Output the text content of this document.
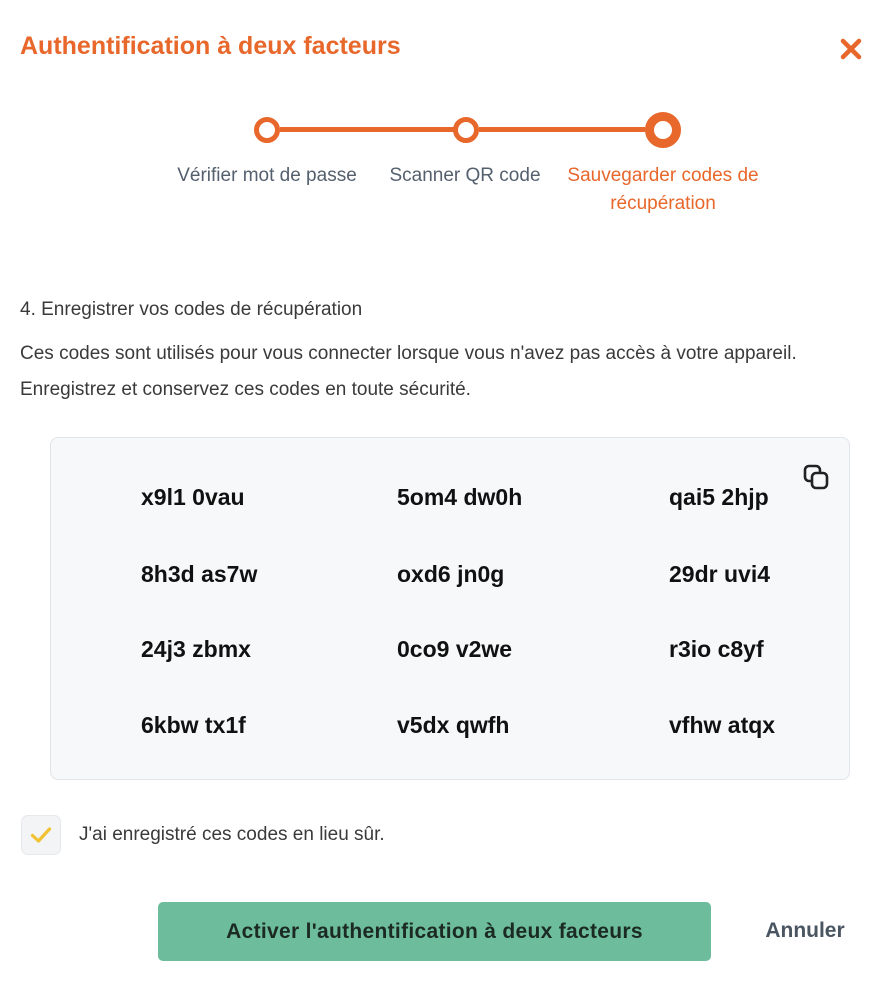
Authentification à deux facteurs
Vérifier mot de passe	Scanner QR code	Sauvegarder codes de récupération

4. Enregistrer vos codes de récupération

Ces codes sont utilisés pour vous connecter lorsque vous n'avez pas accès à votre appareil. Enregistrez et conservez ces codes en toute sécurité.

x9l1 0vau	5om4 dw0h	qai5 2hjp
8h3d as7w	oxd6 jn0g	29dr uvi4
24j3 zbmx	0co9 v2we	r3io c8yf
6kbw tx1f	v5dx qwfh	vfhw atqx
J'ai enregistré ces codes en lieu sûr.
Activer l'authentification à deux facteurs	Annuler
